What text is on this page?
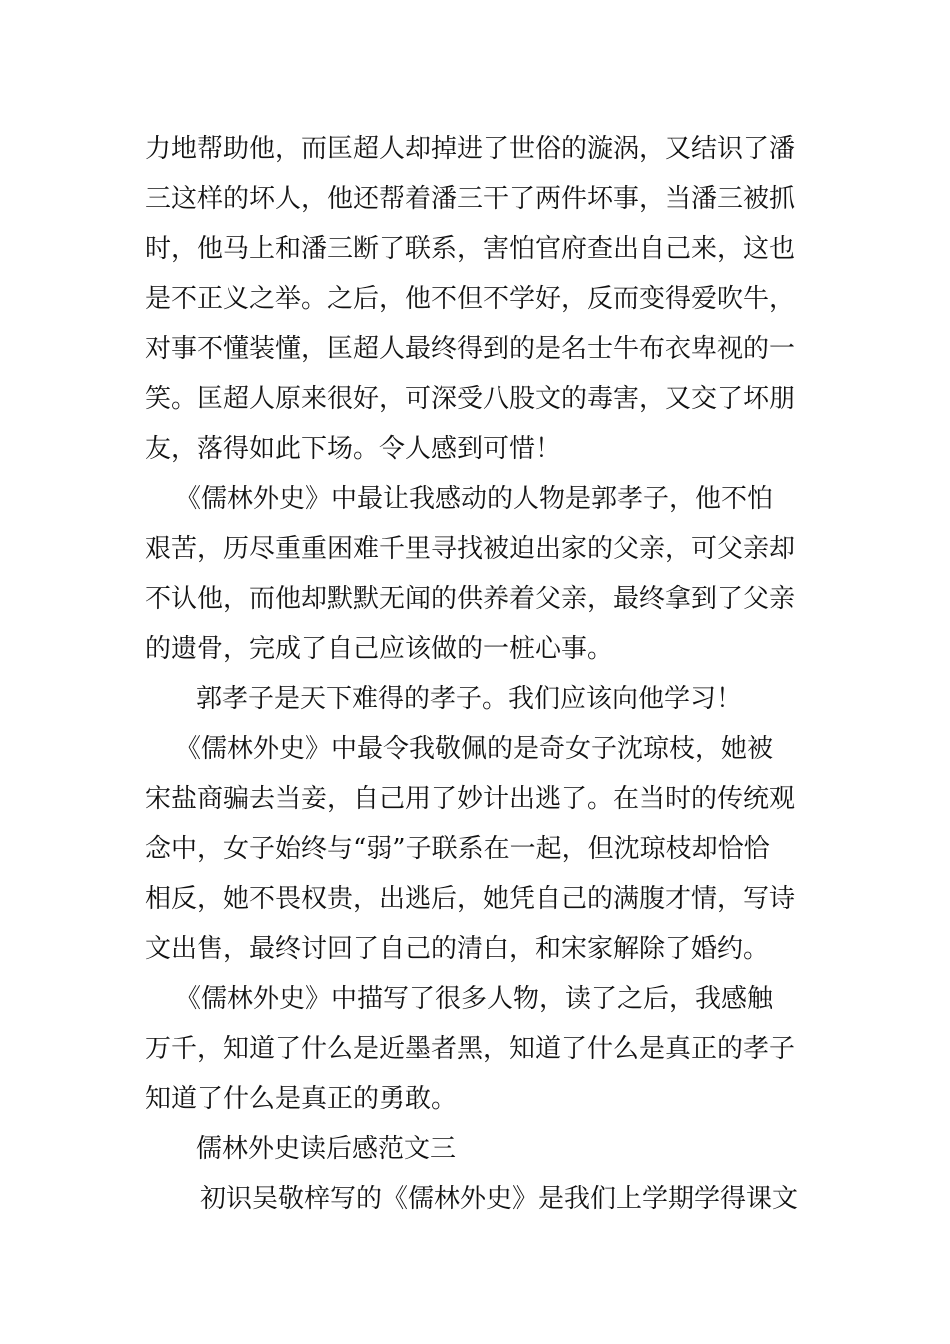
力地帮助他，而匡超人却掉进了世俗的漩涡，又结识了潘
三这样的坏人，他还帮着潘三干了两件坏事，当潘三被抓
时，他马上和潘三断了联系，害怕官府查出自己来，这也
是不正义之举。之后，他不但不学好，反而变得爱吹牛，
对事不懂装懂，匡超人最终得到的是名士牛布衣卑视的一
笑。匡超人原来很好，可深受八股文的毒害，又交了坏朋
友，落得如此下场。令人感到可惜！
《儒林外史》中最让我感动的人物是郭孝子，他不怕
艰苦，历尽重重困难千里寻找被迫出家的父亲，可父亲却
不认他，而他却默默无闻的供养着父亲，最终拿到了父亲
的遗骨，完成了自己应该做的一桩心事。
郭孝子是天下难得的孝子。我们应该向他学习！
《儒林外史》中最令我敬佩的是奇女子沈琼枝，她被
宋盐商骗去当妾，自己用了妙计出逃了。在当时的传统观
念中，女子始终与“弱”子联系在一起，但沈琼枝却恰恰
相反，她不畏权贵，出逃后，她凭自己的满腹才情，写诗
文出售，最终讨回了自己的清白，和宋家解除了婚约。
《儒林外史》中描写了很多人物，读了之后，我感触
万千，知道了什么是近墨者黑，知道了什么是真正的孝子
知道了什么是真正的勇敢。
儒林外史读后感范文三
初识吴敬梓写的《儒林外史》是我们上学期学得课文
